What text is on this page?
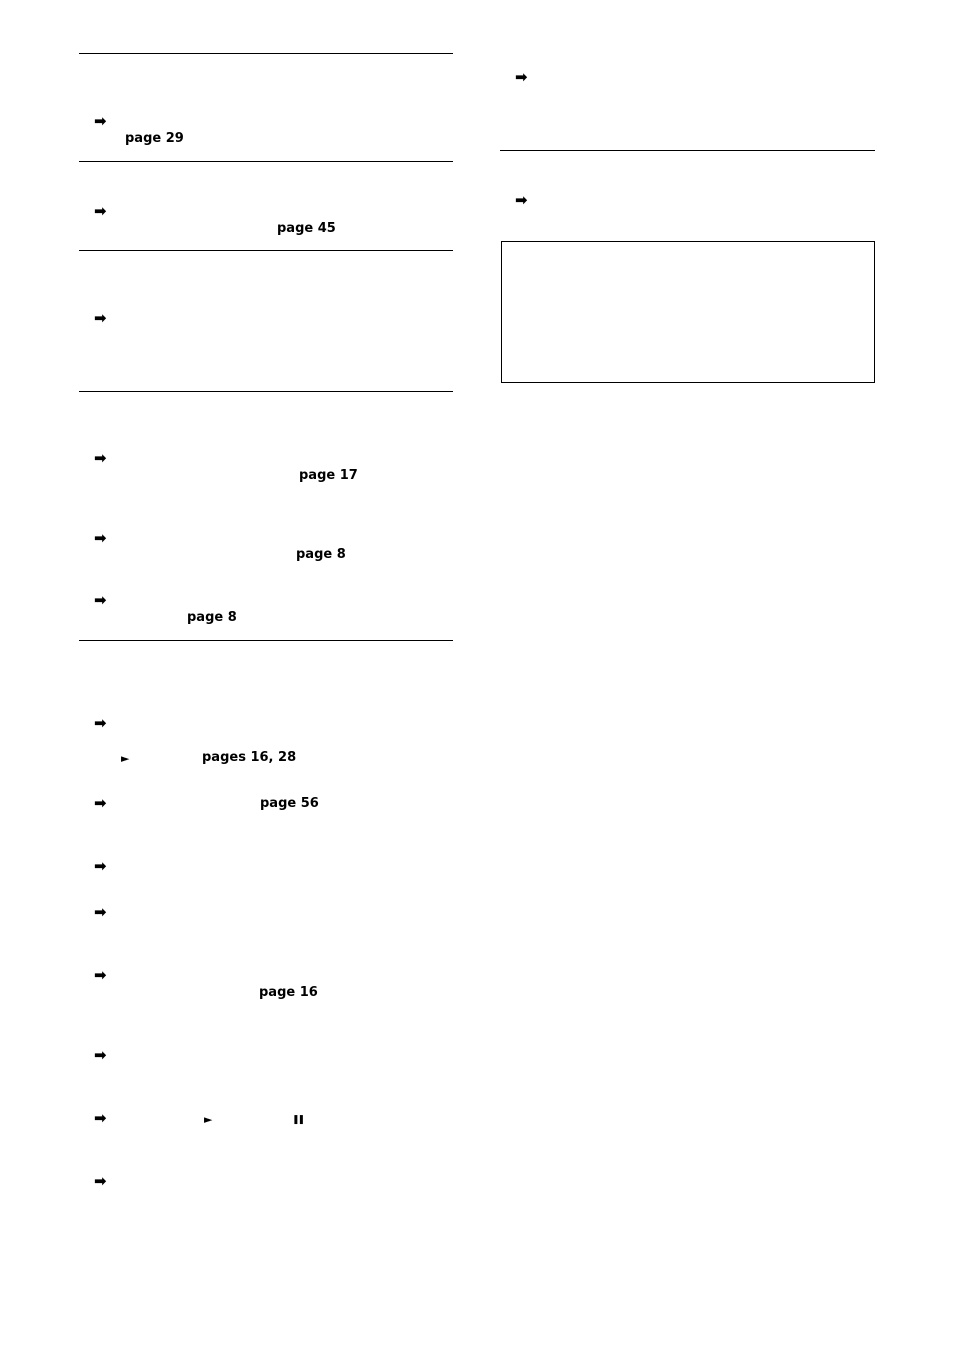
➡
page 29
➡
page 45
➡
➡
page 17
➡
page 8
➡
page 8
➡
►	pages 16, 28
➡	page 56
➡
➡
➡
page 16
➡
➡	►	❚❚
➡
➡
➡
